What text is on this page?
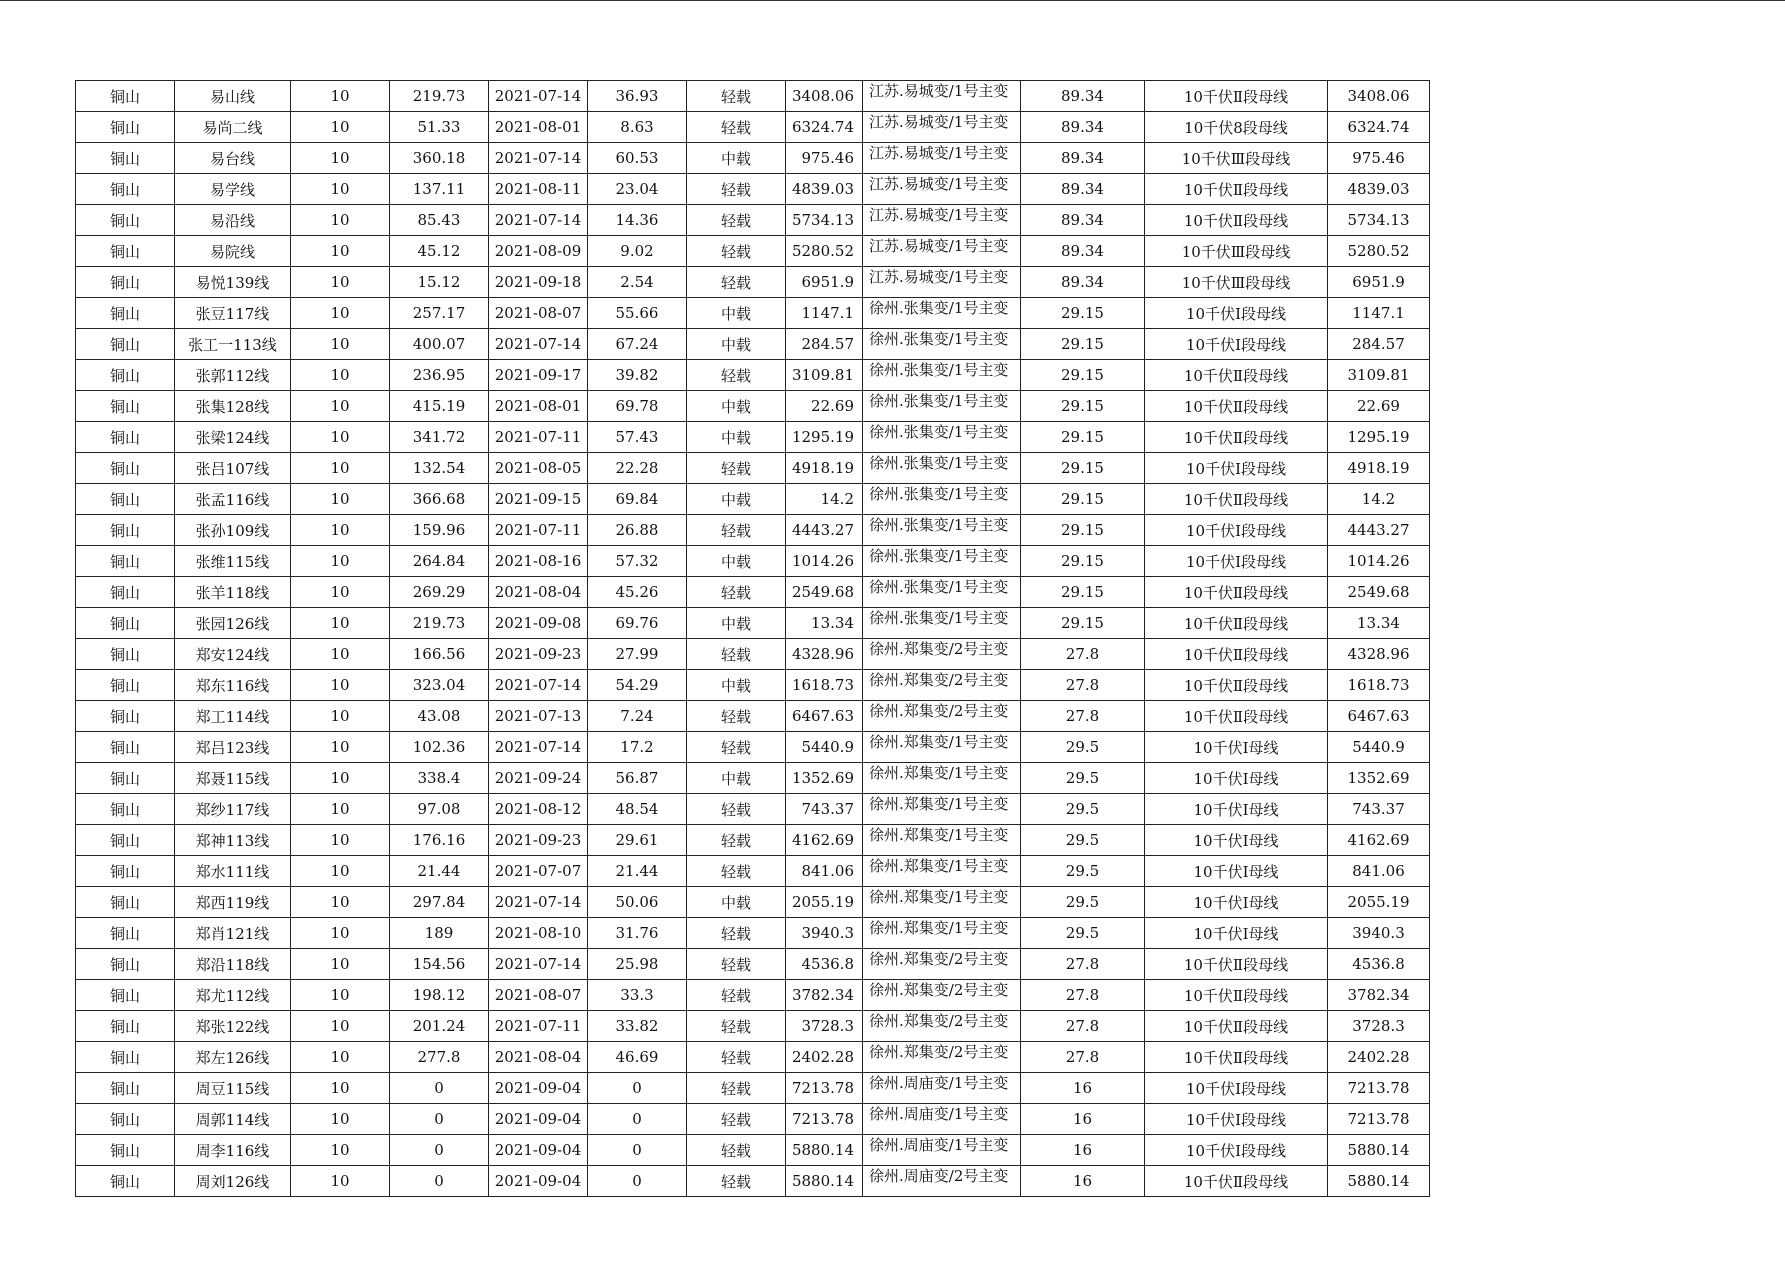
铜山	易山线	10	219.73	2021-07-14	36.93	轻载	3408.06	江苏.易城变/1号主变	89.34	10千伏Ⅱ段母线	3408.06
铜山	易尚二线	10	51.33	2021-08-01	8.63	轻载	6324.74	江苏.易城变/1号主变	89.34	10千伏8段母线	6324.74
铜山	易台线	10	360.18	2021-07-14	60.53	中载	975.46	江苏.易城变/1号主变	89.34	10千伏Ⅲ段母线	975.46
铜山	易学线	10	137.11	2021-08-11	23.04	轻载	4839.03	江苏.易城变/1号主变	89.34	10千伏Ⅱ段母线	4839.03
铜山	易沿线	10	85.43	2021-07-14	14.36	轻载	5734.13	江苏.易城变/1号主变	89.34	10千伏Ⅱ段母线	5734.13
铜山	易院线	10	45.12	2021-08-09	9.02	轻载	5280.52	江苏.易城变/1号主变	89.34	10千伏Ⅲ段母线	5280.52
铜山	易悦139线	10	15.12	2021-09-18	2.54	轻载	6951.9	江苏.易城变/1号主变	89.34	10千伏Ⅲ段母线	6951.9
铜山	张豆117线	10	257.17	2021-08-07	55.66	中载	1147.1	徐州.张集变/1号主变	29.15	10千伏Ⅰ段母线	1147.1
铜山	张工一113线	10	400.07	2021-07-14	67.24	中载	284.57	徐州.张集变/1号主变	29.15	10千伏Ⅰ段母线	284.57
铜山	张郭112线	10	236.95	2021-09-17	39.82	轻载	3109.81	徐州.张集变/1号主变	29.15	10千伏Ⅱ段母线	3109.81
铜山	张集128线	10	415.19	2021-08-01	69.78	中载	22.69	徐州.张集变/1号主变	29.15	10千伏Ⅱ段母线	22.69
铜山	张梁124线	10	341.72	2021-07-11	57.43	中载	1295.19	徐州.张集变/1号主变	29.15	10千伏Ⅱ段母线	1295.19
铜山	张吕107线	10	132.54	2021-08-05	22.28	轻载	4918.19	徐州.张集变/1号主变	29.15	10千伏Ⅰ段母线	4918.19
铜山	张孟116线	10	366.68	2021-09-15	69.84	中载	14.2	徐州.张集变/1号主变	29.15	10千伏Ⅱ段母线	14.2
铜山	张孙109线	10	159.96	2021-07-11	26.88	轻载	4443.27	徐州.张集变/1号主变	29.15	10千伏Ⅰ段母线	4443.27
铜山	张维115线	10	264.84	2021-08-16	57.32	中载	1014.26	徐州.张集变/1号主变	29.15	10千伏Ⅰ段母线	1014.26
铜山	张羊118线	10	269.29	2021-08-04	45.26	轻载	2549.68	徐州.张集变/1号主变	29.15	10千伏Ⅱ段母线	2549.68
铜山	张园126线	10	219.73	2021-09-08	69.76	中载	13.34	徐州.张集变/1号主变	29.15	10千伏Ⅱ段母线	13.34
铜山	郑安124线	10	166.56	2021-09-23	27.99	轻载	4328.96	徐州.郑集变/2号主变	27.8	10千伏Ⅱ段母线	4328.96
铜山	郑东116线	10	323.04	2021-07-14	54.29	中载	1618.73	徐州.郑集变/2号主变	27.8	10千伏Ⅱ段母线	1618.73
铜山	郑工114线	10	43.08	2021-07-13	7.24	轻载	6467.63	徐州.郑集变/2号主变	27.8	10千伏Ⅱ段母线	6467.63
铜山	郑吕123线	10	102.36	2021-07-14	17.2	轻载	5440.9	徐州.郑集变/1号主变	29.5	10千伏Ⅰ母线	5440.9
铜山	郑聂115线	10	338.4	2021-09-24	56.87	中载	1352.69	徐州.郑集变/1号主变	29.5	10千伏Ⅰ母线	1352.69
铜山	郑纱117线	10	97.08	2021-08-12	48.54	轻载	743.37	徐州.郑集变/1号主变	29.5	10千伏Ⅰ母线	743.37
铜山	郑神113线	10	176.16	2021-09-23	29.61	轻载	4162.69	徐州.郑集变/1号主变	29.5	10千伏Ⅰ母线	4162.69
铜山	郑水111线	10	21.44	2021-07-07	21.44	轻载	841.06	徐州.郑集变/1号主变	29.5	10千伏Ⅰ母线	841.06
铜山	郑西119线	10	297.84	2021-07-14	50.06	中载	2055.19	徐州.郑集变/1号主变	29.5	10千伏Ⅰ母线	2055.19
铜山	郑肖121线	10	189	2021-08-10	31.76	轻载	3940.3	徐州.郑集变/1号主变	29.5	10千伏Ⅰ母线	3940.3
铜山	郑沿118线	10	154.56	2021-07-14	25.98	轻载	4536.8	徐州.郑集变/2号主变	27.8	10千伏Ⅱ段母线	4536.8
铜山	郑尤112线	10	198.12	2021-08-07	33.3	轻载	3782.34	徐州.郑集变/2号主变	27.8	10千伏Ⅱ段母线	3782.34
铜山	郑张122线	10	201.24	2021-07-11	33.82	轻载	3728.3	徐州.郑集变/2号主变	27.8	10千伏Ⅱ段母线	3728.3
铜山	郑左126线	10	277.8	2021-08-04	46.69	轻载	2402.28	徐州.郑集变/2号主变	27.8	10千伏Ⅱ段母线	2402.28
铜山	周豆115线	10	0	2021-09-04	0	轻载	7213.78	徐州.周庙变/1号主变	16	10千伏Ⅰ段母线	7213.78
铜山	周郭114线	10	0	2021-09-04	0	轻载	7213.78	徐州.周庙变/1号主变	16	10千伏Ⅰ段母线	7213.78
铜山	周李116线	10	0	2021-09-04	0	轻载	5880.14	徐州.周庙变/1号主变	16	10千伏Ⅰ段母线	5880.14
铜山	周刘126线	10	0	2021-09-04	0	轻载	5880.14	徐州.周庙变/2号主变	16	10千伏Ⅱ段母线	5880.14
